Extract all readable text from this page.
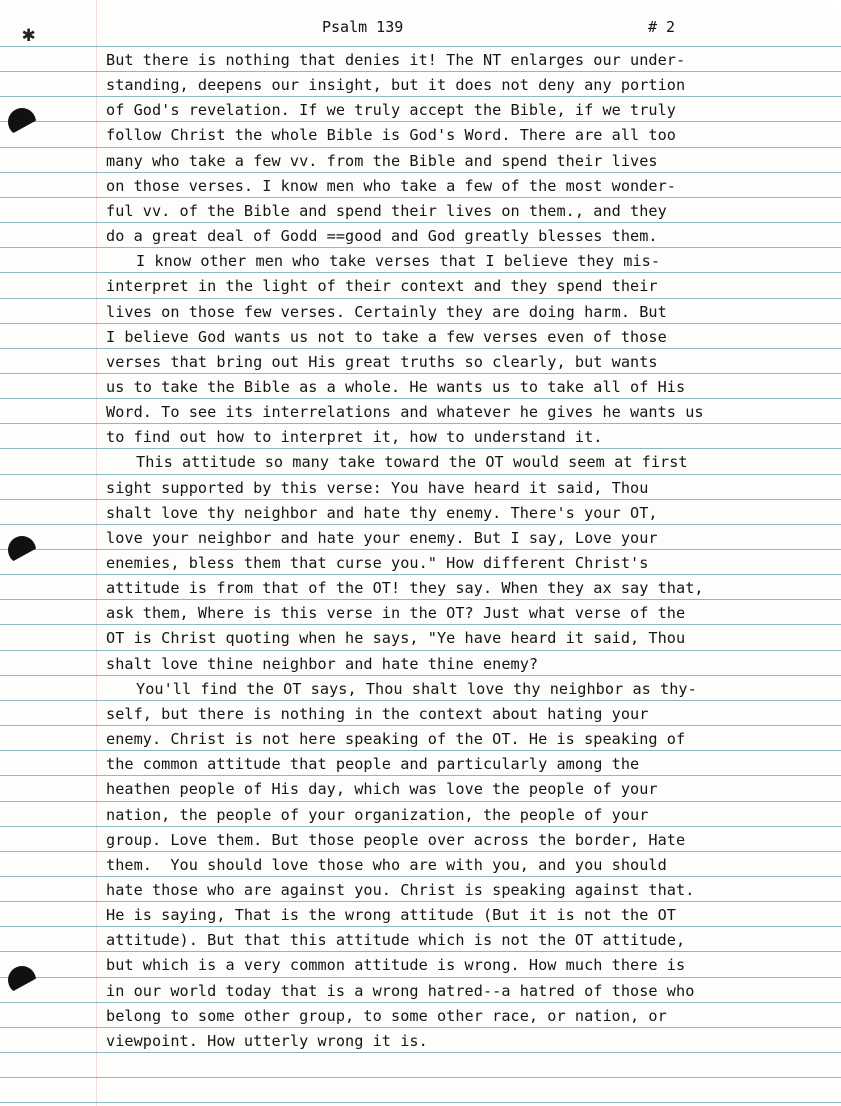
✱	Psalm 139	# 2
But there is nothing that denies it! The NT enlarges our under-
standing, deepens our insight, but it does not deny any portion
of God's revelation. If we truly accept the Bible, if we truly
follow Christ the whole Bible is God's Word. There are all too
many who take a few vv. from the Bible and spend their lives
on those verses. I know men who take a few of the most wonder-
ful vv. of the Bible and spend their lives on them., and they
do a great deal of Godd ==good and God greatly blesses them.
I know other men who take verses that I believe they mis-
interpret in the light of their context and they spend their
lives on those few verses. Certainly they are doing harm. But
I believe God wants us not to take a few verses even of those
verses that bring out His great truths so clearly, but wants
us to take the Bible as a whole. He wants us to take all of His
Word. To see its interrelations and whatever he gives he wants us
to find out how to interpret it, how to understand it.
This attitude so many take toward the OT would seem at first
sight supported by this verse: You have heard it said, Thou
shalt love thy neighbor and hate thy enemy. There's your OT,
love your neighbor and hate your enemy. But I say, Love your
enemies, bless them that curse you." How different Christ's
attitude is from that of the OT! they say. When they ax say that,
ask them, Where is this verse in the OT? Just what verse of the
OT is Christ quoting when he says, "Ye have heard it said, Thou
shalt love thine neighbor and hate thine enemy?
You'll find the OT says, Thou shalt love thy neighbor as thy-
self, but there is nothing in the context about hating your
enemy. Christ is not here speaking of the OT. He is speaking of
the common attitude that people and particularly among the
heathen people of His day, which was love the people of your
nation, the people of your organization, the people of your
group. Love them. But those people over across the border, Hate
them.  You should love those who are with you, and you should
hate those who are against you. Christ is speaking against that.
He is saying, That is the wrong attitude (But it is not the OT
attitude). But that this attitude which is not the OT attitude,
but which is a very common attitude is wrong. How much there is
in our world today that is a wrong hatred--a hatred of those who
belong to some other group, to some other race, or nation, or
viewpoint. How utterly wrong it is.
